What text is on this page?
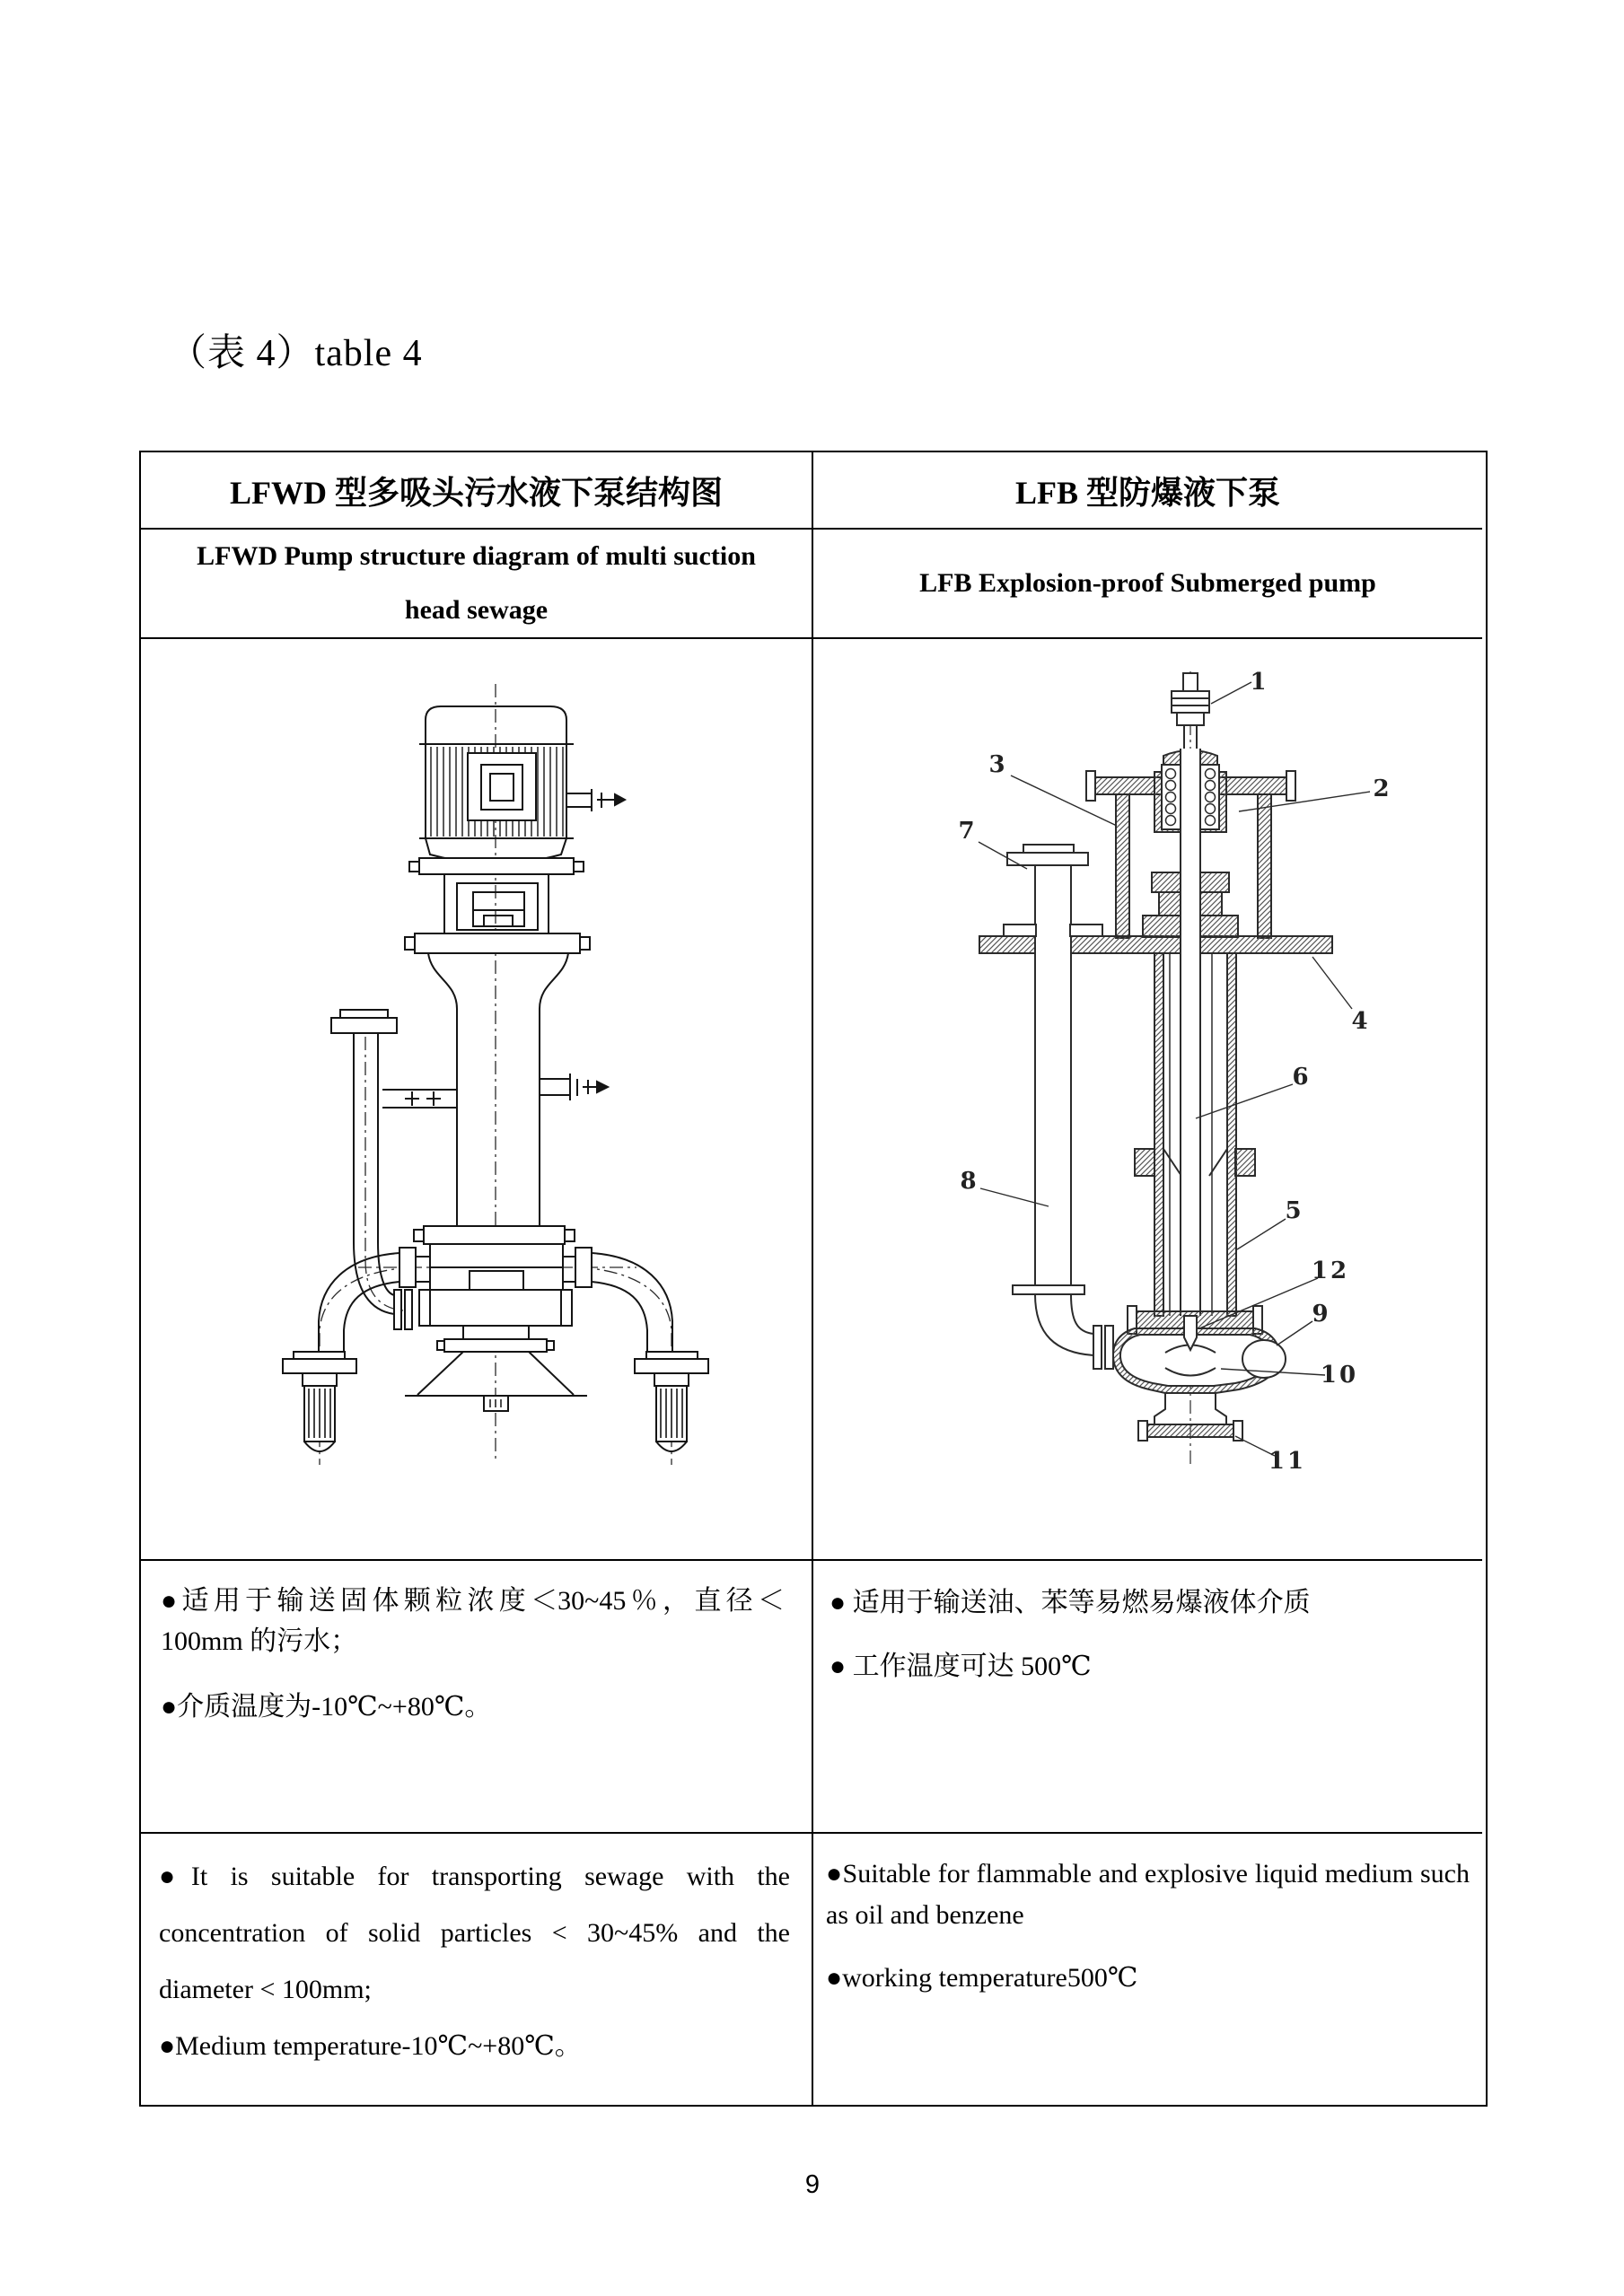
（表 4）table 4
LFWD 型多吸头污水液下泵结构图	LFB 型防爆液下泵
LFWD Pump structure diagram of multi suction head sewage
LFB Explosion-proof Submerged pump
1
2
3
7
4
6
5
8
12
9
10
11

●适用于输送固体颗粒浓度＜30~45％，直径＜100mm 的污水；

●介质温度为-10℃~+80℃。

● 适用于输送油、苯等易燃易爆液体介质

● 工作温度可达 500℃

●It is suitable for transporting sewage with the concentration of solid particles < 30~45% and the diameter < 100mm;

●Medium temperature-10℃~+80℃。

●Suitable for flammable and explosive liquid medium such as oil and benzene

●working temperature500℃

9
